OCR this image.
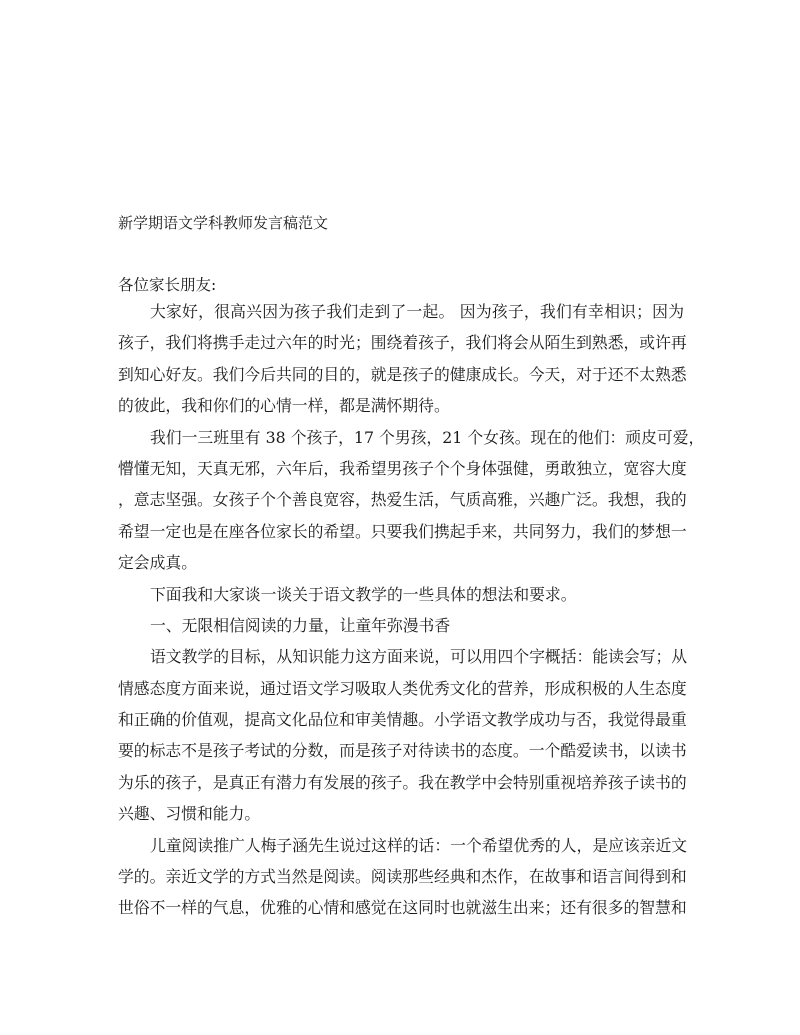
新学期语文学科教师发言稿范文

各位家长朋友:

大家好，很高兴因为孩子我们走到了一起。 因为孩子，我们有幸相识；因为
孩子，我们将携手走过六年的时光；围绕着孩子，我们将会从陌生到熟悉，或许再
到知心好友。我们今后共同的目的，就是孩子的健康成长。今天，对于还不太熟悉
的彼此，我和你们的心情一样，都是满怀期待。
我们一三班里有 38 个孩子，17 个男孩，21 个女孩。现在的他们：顽皮可爱，
懵懂无知，天真无邪，六年后，我希望男孩子个个身体强健，勇敢独立，宽容大度
，意志坚强。女孩子个个善良宽容，热爱生活，气质高雅，兴趣广泛。我想，我的
希望一定也是在座各位家长的希望。只要我们携起手来，共同努力，我们的梦想一
定会成真。
下面我和大家谈一谈关于语文教学的一些具体的想法和要求。
一、无限相信阅读的力量，让童年弥漫书香
语文教学的目标，从知识能力这方面来说，可以用四个字概括：能读会写；从
情感态度方面来说，通过语文学习吸取人类优秀文化的营养，形成积极的人生态度
和正确的价值观，提高文化品位和审美情趣。小学语文教学成功与否，我觉得最重
要的标志不是孩子考试的分数，而是孩子对待读书的态度。一个酷爱读书，以读书
为乐的孩子，是真正有潜力有发展的孩子。我在教学中会特别重视培养孩子读书的
兴趣、习惯和能力。
儿童阅读推广人梅子涵先生说过这样的话：一个希望优秀的人，是应该亲近文
学的。亲近文学的方式当然是阅读。阅读那些经典和杰作，在故事和语言间得到和
世俗不一样的气息，优雅的心情和感觉在这同时也就滋生出来；还有很多的智慧和
